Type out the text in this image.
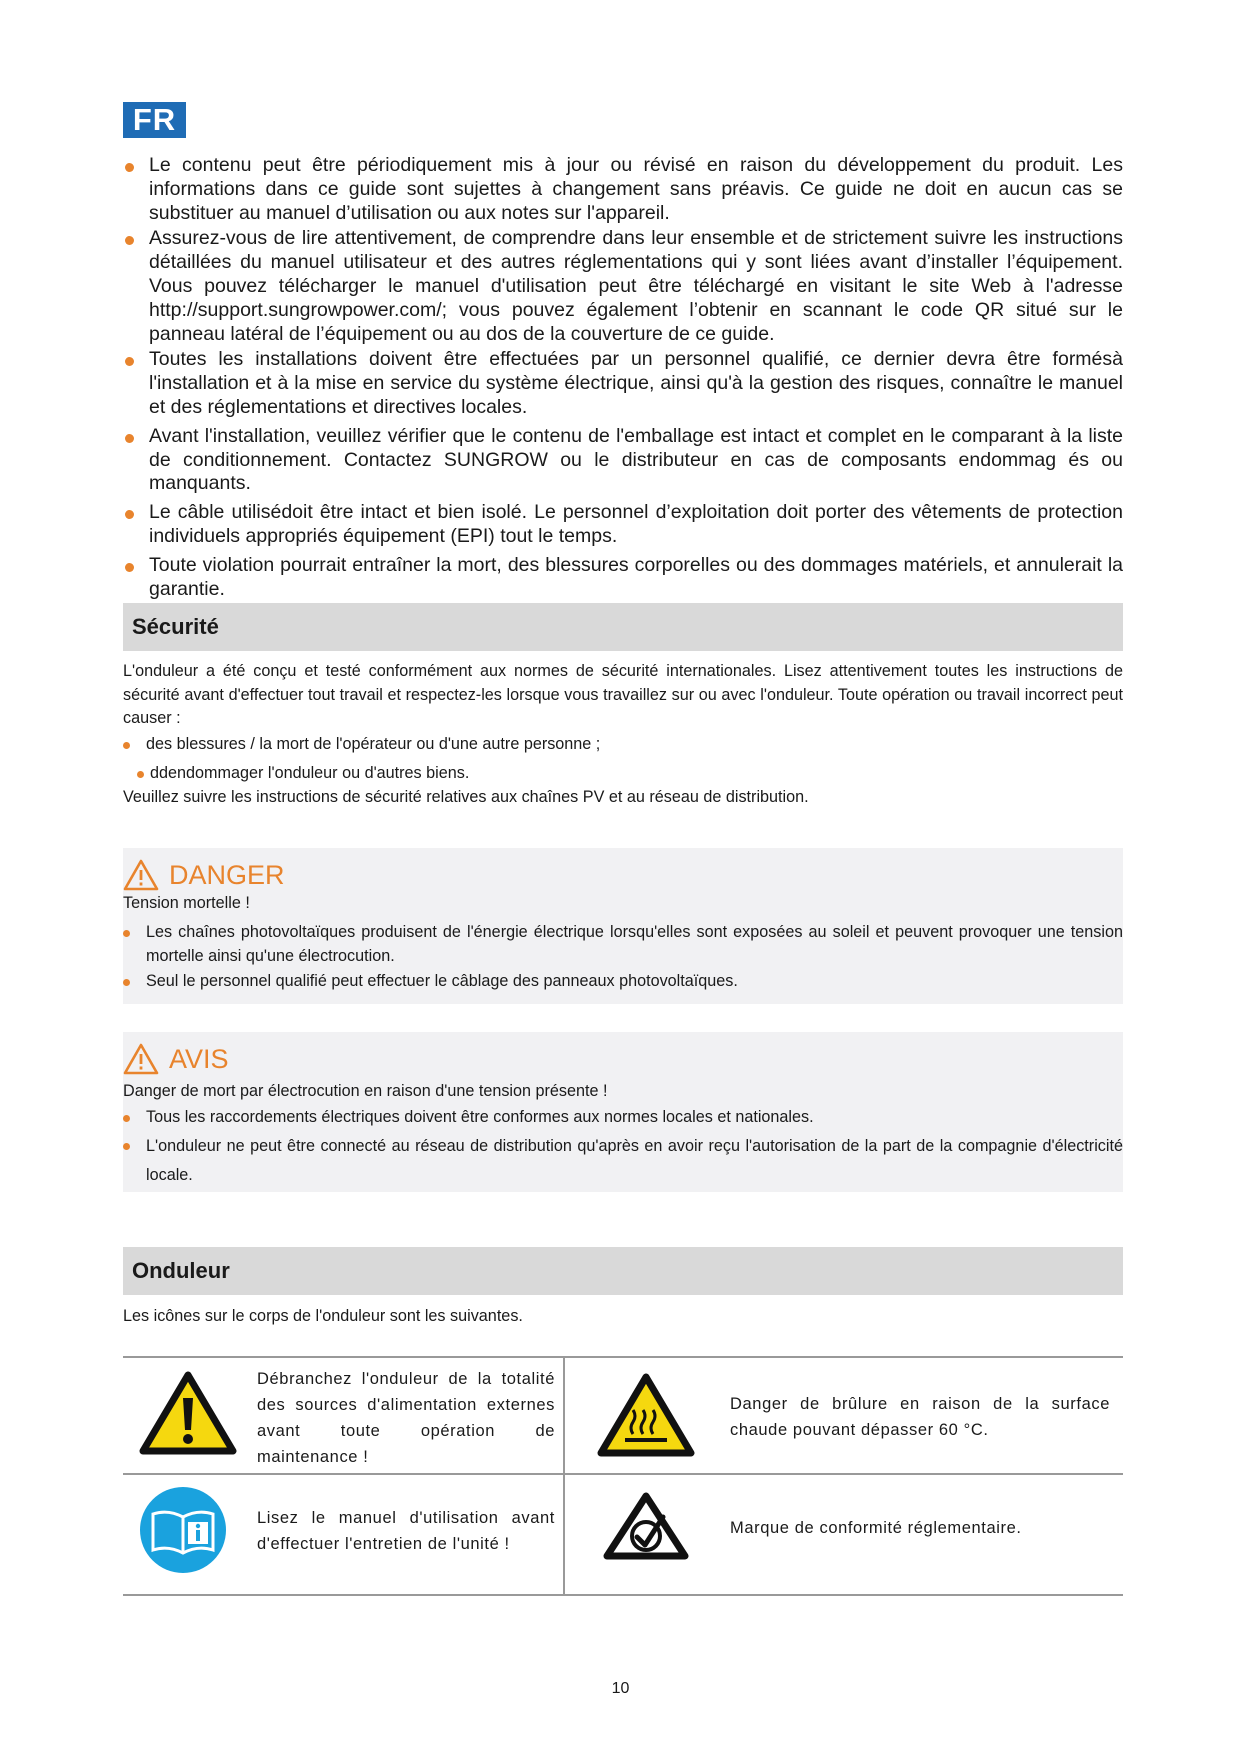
FR
Le contenu peut être périodiquement mis à jour ou révisé en raison du développement du produit. Les informations dans ce guide sont sujettes à changement sans préavis. Ce guide ne doit en aucun cas se substituer au manuel d’utilisation ou aux notes sur l'appareil.
Assurez-vous de lire attentivement, de comprendre dans leur ensemble et de strictement suivre les instructions détaillées du manuel utilisateur et des autres réglementations qui y sont liées avant d’installer l’équipement. Vous pouvez télécharger le manuel d'utilisation peut être téléchargé en visitant le site Web à l'adresse http://support.sungrowpower.com/; vous pouvez également l’obtenir en scannant le code QR situé sur le panneau latéral de l’équipement ou au dos de la couverture de ce guide.
Toutes les installations doivent être effectuées par un personnel qualifié, ce dernier devra être formésà l'installation et à la mise en service du système électrique, ainsi qu'à la gestion des risques, connaître le manuel et des réglementations et directives locales.
Avant l'installation, veuillez vérifier que le contenu de l'emballage est intact et complet en le comparant à la liste de conditionnement. Contactez SUNGROW ou le distributeur en cas de composants endommag és ou manquants.
Le câble utilisédoit être intact et bien isolé. Le personnel d’exploitation doit porter des vêtements de protection individuels appropriés équipement (EPI) tout le temps.
Toute violation pourrait entraîner la mort, des blessures corporelles ou des dommages matériels, et annulerait la garantie.
Sécurité
L'onduleur a été conçu et testé conformément aux normes de sécurité internationales. Lisez attentivement toutes les instructions de sécurité avant d'effectuer tout travail et respectez-les lorsque vous travaillez sur ou avec l'onduleur. Toute opération ou travail incorrect peut causer :
des blessures / la mort de l'opérateur ou d'une autre personne ;
ddendommager l'onduleur ou d'autres biens.
Veuillez suivre les instructions de sécurité relatives aux chaînes PV et au réseau de distribution.
DANGER
Tension mortelle !
Les chaînes photovoltaïques produisent de l'énergie électrique lorsqu'elles sont exposées au soleil et peuvent provoquer une tension mortelle ainsi qu'une électrocution.
Seul le personnel qualifié peut effectuer le câblage des panneaux photovoltaïques.
AVIS
Danger de mort par électrocution en raison d'une tension présente !
Tous les raccordements électriques doivent être conformes aux normes locales et nationales.
L'onduleur ne peut être connecté au réseau de distribution qu'après en avoir reçu l'autorisation de la part de la compagnie d'électricité locale.
Onduleur
Les icônes sur le corps de l'onduleur sont les suivantes.
Débranchez l'onduleur de la totalité des sources d'alimentation externes avant toute opération de maintenance !
Danger de brûlure en raison de la surface chaude pouvant dépasser 60 °C.
Lisez le manuel d'utilisation avant d'effectuer l'entretien de l'unité !
Marque de conformité réglementaire.
10
